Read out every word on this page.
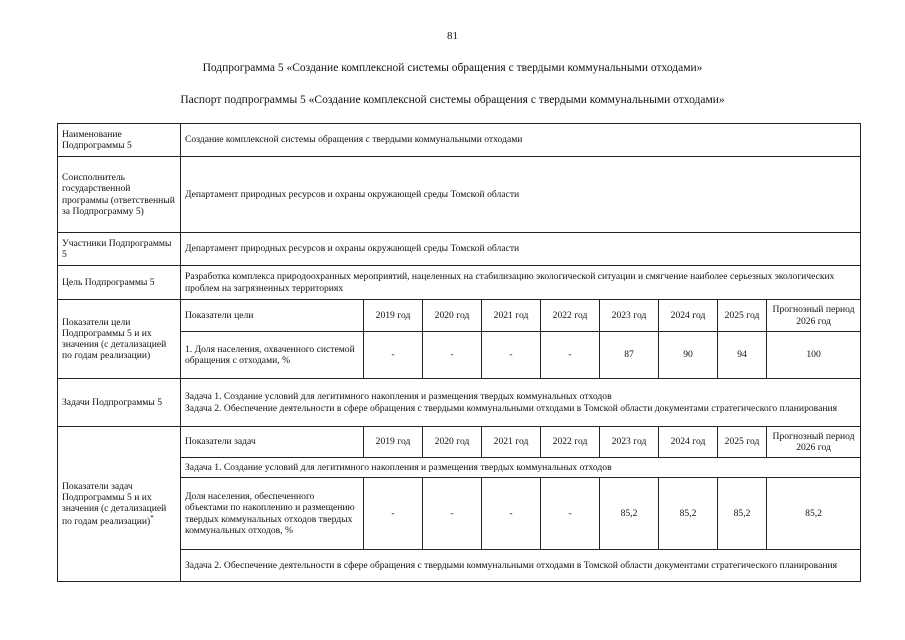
81
Подпрограмма 5 «Создание комплексной системы обращения с твердыми коммунальными отходами»
Паспорт подпрограммы 5 «Создание комплексной системы обращения с твердыми коммунальными отходами»
Наименование Подпрограммы 5	Создание комплексной системы обращения с твердыми коммунальными отходами								
Соисполнитель государственной программы (ответственный за Подпрограмму 5)	Департамент природных ресурсов и охраны окружающей среды Томской области								
Участники Подпрограммы 5	Департамент природных ресурсов и охраны окружающей среды Томской области								
Цель Подпрограммы 5	Разработка комплекса природоохранных мероприятий, нацеленных на стабилизацию экологической ситуации и смягчение наиболее серьезных экологических проблем на загрязненных территориях								
Показатели цели Подпрограммы 5 и их значения (с детализацией по годам реализации)	Показатели цели	2019 год	2020 год	2021 год	2022 год	2023 год	2024 год	2025 год	Прогнозный период 2026 год
	1. Доля населения, охваченного системой обращения с отходами, %	-	-	-	-	87	90	94	100
Задачи Подпрограммы 5	Задача 1. Создание условий для легитимного накопления и размещения твердых коммунальных отходов
Задача 2. Обеспечение деятельности в сфере обращения с твердыми коммунальными отходами в Томской области документами стратегического планирования								

Показатели задач Подпрограммы 5 и их значения (с детализацией по годам реализации)*	Показатели задач	2019 год	2020 год	2021 год	2022 год	2023 год	2024 год	2025 год	Прогнозный период 2026 год
	Задача 1. Создание условий для легитимного накопления и размещения твердых коммунальных отходов								
	Доля населения, обеспеченного объектами по накоплению и размещению твердых коммунальных отходов твердых коммунальных отходов, %	-	-	-	-	85,2	85,2	85,2	85,2
	Задача 2. Обеспечение деятельности в сфере обращения с твердыми коммунальными отходами в Томской области документами стратегического планирования								
